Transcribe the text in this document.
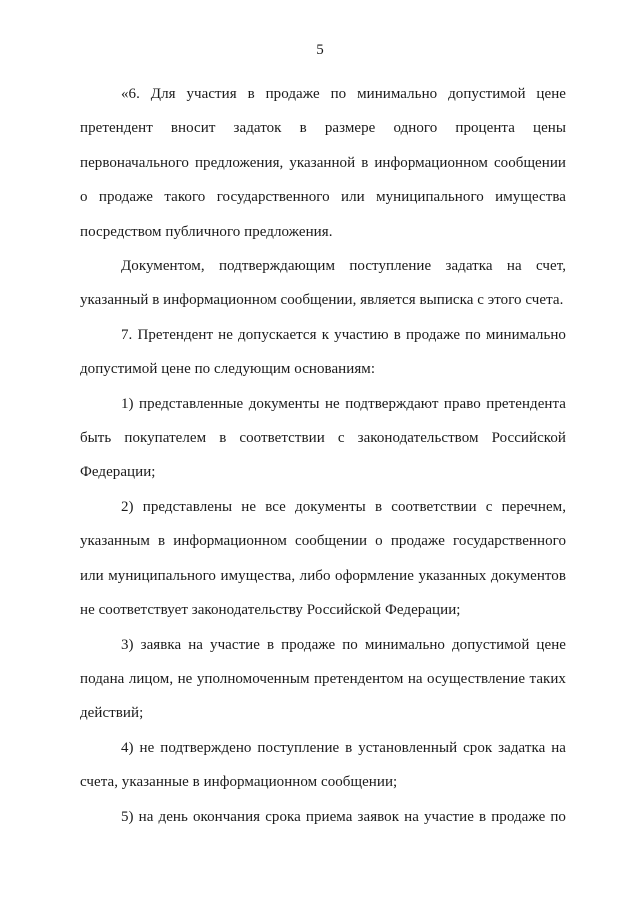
5

«6. Для участия в продаже по минимально допустимой цене претендент вносит задаток в размере одного процента цены первоначального предложения, указанной в информационном сообщении о продаже такого государственного или муниципального имущества посредством публичного предложения.

Документом, подтверждающим поступление задатка на счет, указанный в информационном сообщении, является выписка с этого счета.

7. Претендент не допускается к участию в продаже по минимально допустимой цене по следующим основаниям:

1) представленные документы не подтверждают право претендента быть покупателем в соответствии с законодательством Российской Федерации;

2) представлены не все документы в соответствии с перечнем, указанным в информационном сообщении о продаже государственного или муниципального имущества, либо оформление указанных документов не соответствует законодательству Российской Федерации;

3) заявка на участие в продаже по минимально допустимой цене подана лицом, не уполномоченным претендентом на осуществление таких действий;

4) не подтверждено поступление в установленный срок задатка на счета, указанные в информационном сообщении;

5) на день окончания срока приема заявок на участие в продаже по
